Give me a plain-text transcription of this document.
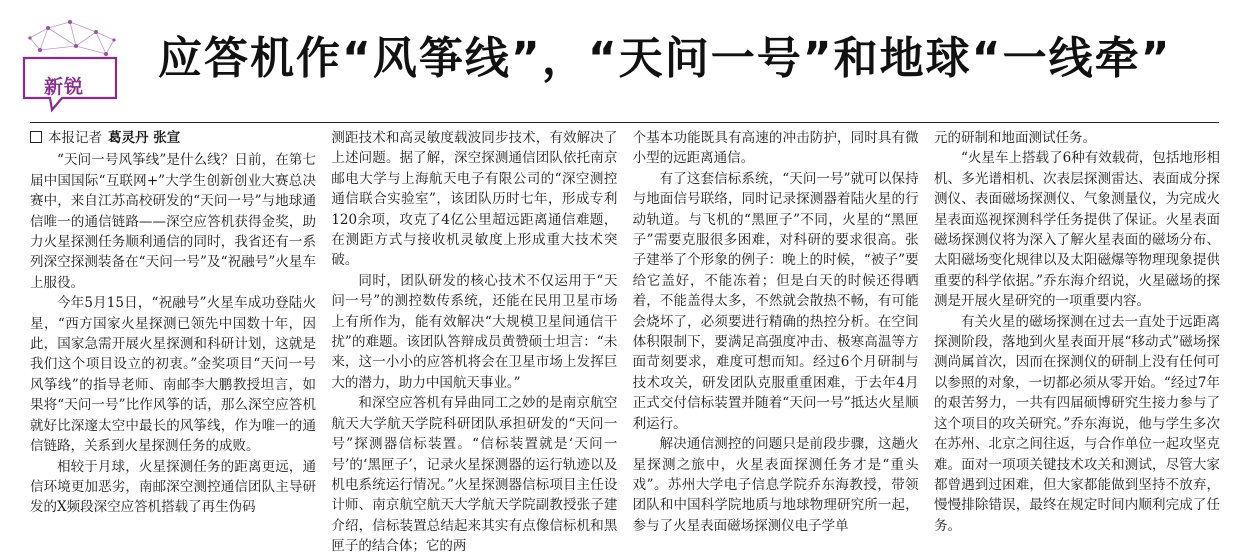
新锐
应答机作“风筝线”，“天问一号”和地球“一线牵”
本报记者 葛灵丹 张宣

“天问一号风筝线”是什么线？日前，在第七届中国国际“互联网+”大学生创新创业大赛总决赛中，来自江苏高校研发的“天问一号”与地球通信唯一的通信链路——深空应答机获得金奖，助力火星探测任务顺利通信的同时，我省还有一系列深空探测装备在“天问一号”及“祝融号”火星车上服役。

今年5月15日，“祝融号”火星车成功登陆火星，“西方国家火星探测已领先中国数十年，因此，国家急需开展火星探测和科研计划，这就是我们这个项目设立的初衷。”金奖项目“天问一号风筝线”的指导老师、南邮李大鹏教授坦言，如果将“天问一号”比作风筝的话，那么深空应答机就好比深邃太空中最长的风筝线，作为唯一的通信链路，关系到火星探测任务的成败。

相较于月球，火星探测任务的距离更远，通信环境更加恶劣，南邮深空测控通信团队主导研发的X频段深空应答机搭载了再生伪码

测距技术和高灵敏度载波同步技术，有效解决了上述问题。据了解，深空探测通信团队依托南京邮电大学与上海航天电子有限公司的“深空测控通信联合实验室”，该团队历时七年，形成专利120余项，攻克了4亿公里超远距离通信难题，在测距方式与接收机灵敏度上形成重大技术突破。

同时，团队研发的核心技术不仅运用于“天问一号”的测控数传系统，还能在民用卫星市场上有所作为，能有效解决“大规模卫星间通信干扰”的难题。该团队答辩成员黄赞硕士坦言：“未来，这一小小的应答机将会在卫星市场上发挥巨大的潜力，助力中国航天事业。”

和深空应答机有异曲同工之妙的是南京航空航天大学航天学院科研团队承担研发的“天问一号”探测器信标装置。“信标装置就是‘天问一号’的‘黑匣子’，记录火星探测器的运行轨迹以及机电系统运行情况。”火星探测器信标项目主任设计师、南京航空航天大学航天学院副教授张子建介绍，信标装置总结起来其实有点像信标机和黑匣子的结合体；它的两

个基本功能既具有高速的冲击防护，同时具有微小型的远距离通信。

有了这套信标系统，“天问一号”就可以保持与地面信号联络，同时记录探测器着陆火星的行动轨道。与飞机的“黑匣子”不同，火星的“黑匣子”需要克服很多困难，对科研的要求很高。张子建举了个形象的例子：晚上的时候，“被子”要给它盖好，不能冻着；但是白天的时候还得晒着，不能盖得太多，不然就会散热不畅，有可能会烧坏了，必须要进行精确的热控分析。在空间体积限制下，要满足高强度冲击、极寒高温等方面苛刻要求，难度可想而知。经过6个月研制与技术攻关，研发团队克服重重困难，于去年4月正式交付信标装置并随着“天问一号”抵达火星顺利运行。

解决通信测控的问题只是前段步骤，这趟火星探测之旅中，火星表面探测任务才是“重头戏”。苏州大学电子信息学院乔东海教授，带领团队和中国科学院地质与地球物理研究所一起，参与了火星表面磁场探测仪电子学单

元的研制和地面测试任务。

“火星车上搭载了6种有效载荷，包括地形相机、多光谱相机、次表层探测雷达、表面成分探测仪、表面磁场探测仪、气象测量仪，为完成火星表面巡视探测科学任务提供了保证。火星表面磁场探测仪将为深入了解火星表面的磁场分布、太阳磁场变化规律以及太阳磁爆等物理现象提供重要的科学依据。”乔东海介绍说，火星磁场的探测是开展火星研究的一项重要内容。

有关火星的磁场探测在过去一直处于远距离探测阶段，落地到火星表面开展“移动式”磁场探测尚属首次，因而在探测仪的研制上没有任何可以参照的对象，一切都必须从零开始。“经过7年的艰苦努力，一共有四届硕博研究生接力参与了这个项目的攻关研究。”乔东海说，他与学生多次在苏州、北京之间往返，与合作单位一起攻坚克难。面对一项项关键技术攻关和测试，尽管大家都曾遇到过困难，但大家都能做到坚持不放弃，慢慢排除错误，最终在规定时间内顺利完成了任务。
